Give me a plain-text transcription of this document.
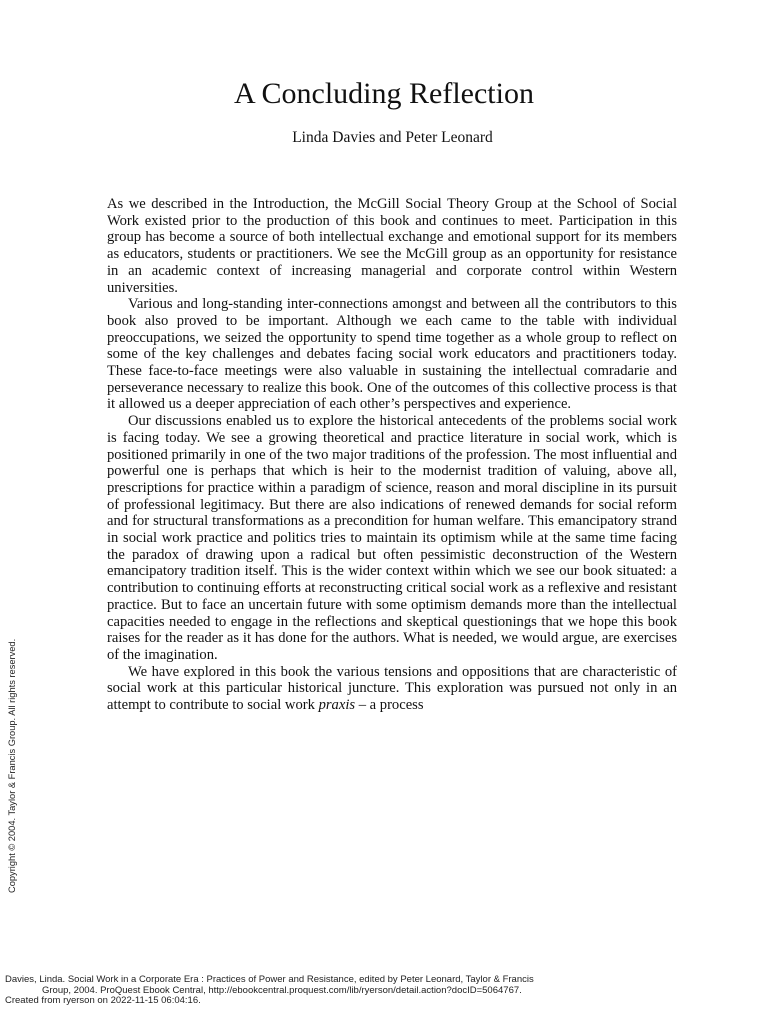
A Concluding Reflection
Linda Davies and Peter Leonard

As we described in the Introduction, the McGill Social Theory Group at the School of Social Work existed prior to the production of this book and continues to meet. Participation in this group has become a source of both intellectual exchange and emotional support for its members as educators, students or practitioners. We see the McGill group as an opportunity for resistance in an academic context of increasing managerial and corporate control within Western universities.

Various and long-standing inter-connections amongst and between all the contributors to this book also proved to be important. Although we each came to the table with individual preoccupations, we seized the opportunity to spend time together as a whole group to reflect on some of the key challenges and debates facing social work educators and practitioners today. These face-to-face meetings were also valuable in sustaining the intellectual comradarie and perseverance necessary to realize this book. One of the outcomes of this collective process is that it allowed us a deeper appreciation of each other’s perspectives and experience.

Our discussions enabled us to explore the historical antecedents of the problems social work is facing today. We see a growing theoretical and practice literature in social work, which is positioned primarily in one of the two major traditions of the profession. The most influential and powerful one is perhaps that which is heir to the modernist tradition of valuing, above all, prescriptions for practice within a paradigm of science, reason and moral discipline in its pursuit of professional legitimacy. But there are also indications of renewed demands for social reform and for structural transformations as a precondition for human welfare. This emancipatory strand in social work practice and politics tries to maintain its optimism while at the same time facing the paradox of drawing upon a radical but often pessimistic deconstruction of the Western emancipatory tradition itself. This is the wider context within which we see our book situated: a contribution to continuing efforts at reconstructing critical social work as a reflexive and resistant practice. But to face an uncertain future with some optimism demands more than the intellectual capacities needed to engage in the reflections and skeptical questionings that we hope this book raises for the reader as it has done for the authors. What is needed, we would argue, are exercises of the imagination.

We have explored in this book the various tensions and oppositions that are characteristic of social work at this particular historical juncture. This exploration was pursued not only in an attempt to contribute to social work praxis – a process

Copyright © 2004. Taylor & Francis Group. All rights reserved.
Davies, Linda. Social Work in a Corporate Era : Practices of Power and Resistance, edited by Peter Leonard, Taylor & Francis
Group, 2004. ProQuest Ebook Central, http://ebookcentral.proquest.com/lib/ryerson/detail.action?docID=5064767.
Created from ryerson on 2022-11-15 06:04:16.
